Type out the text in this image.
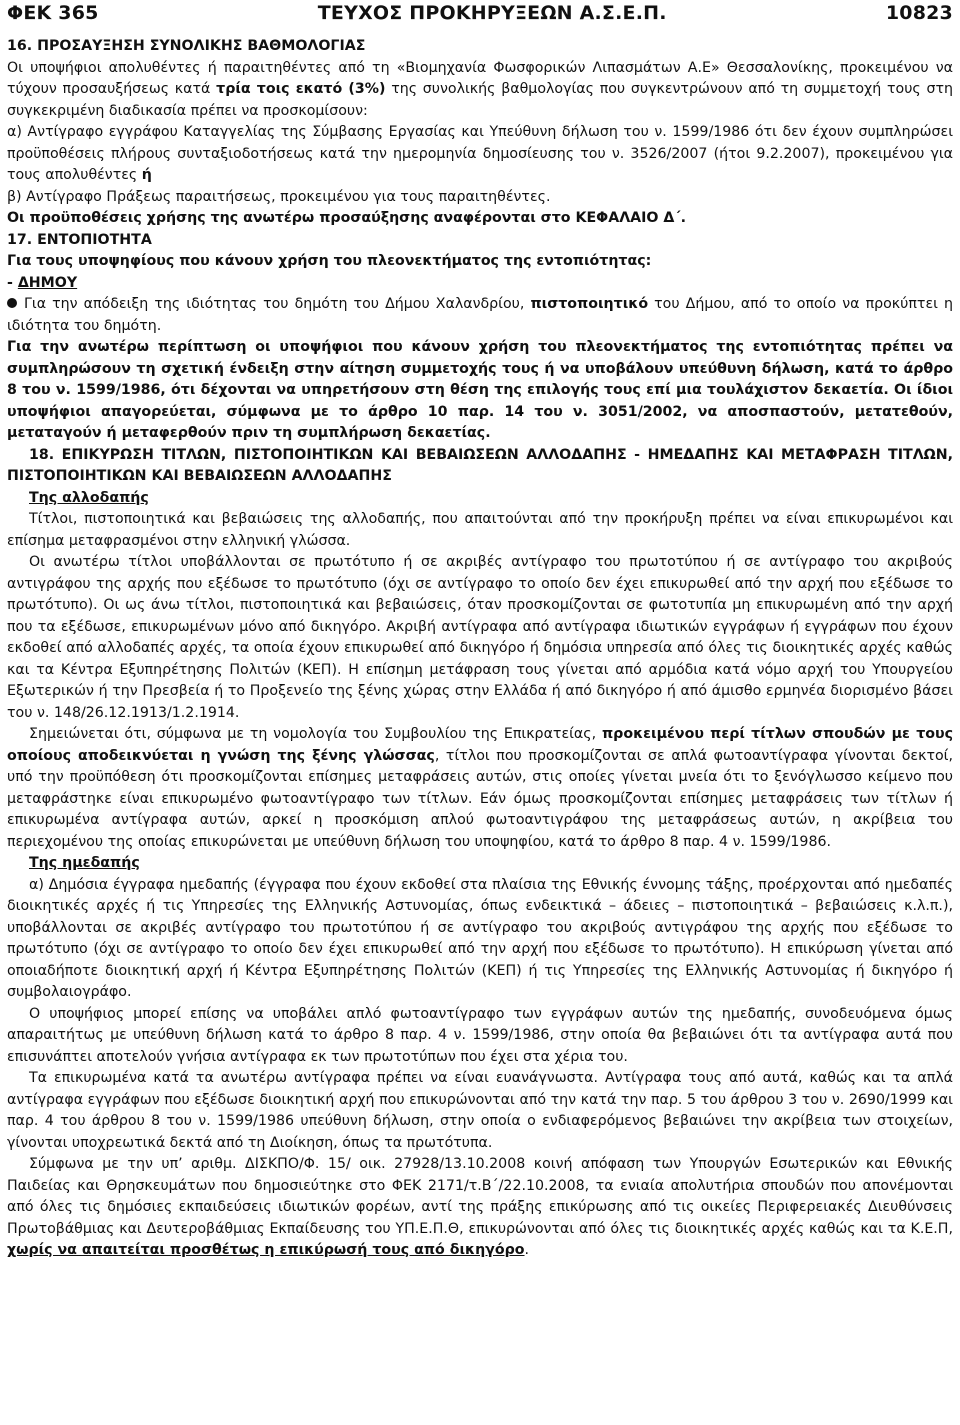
ΦΕΚ 365	ΤΕΥΧΟΣ ΠΡΟΚΗΡΥΞΕΩΝ Α.Σ.Ε.Π.	10823

16. ΠΡΟΣΑΥΞΗΣΗ ΣΥΝΟΛΙΚΗΣ ΒΑΘΜΟΛΟΓΙΑΣ

Οι υποψήφιοι απολυθέντες ή παραιτηθέντες από τη «Βιομηχανία Φωσφορικών Λιπασμάτων Α.Ε» Θεσσαλονίκης, προκειμένου να τύχουν προσαυξήσεως κατά τρία τοις εκατό (3%) της συνολικής βαθμολογίας που συγκεντρώνουν από τη συμμετοχή τους στη συγκεκριμένη διαδικασία πρέπει να προσκομίσουν:

α) Αντίγραφο εγγράφου Καταγγελίας της Σύμβασης Εργασίας και Υπεύθυνη δήλωση του ν. 1599/1986 ότι δεν έχουν συμπληρώσει προϋποθέσεις πλήρους συνταξιοδοτήσεως κατά την ημερομηνία δημοσίευσης του ν. 3526/2007 (ήτοι 9.2.2007), προκειμένου για τους απολυθέντες ή

β) Αντίγραφο Πράξεως παραιτήσεως, προκειμένου για τους παραιτηθέντες.

Οι προϋποθέσεις χρήσης της ανωτέρω προσαύξησης αναφέρονται στο ΚΕΦΑΛΑΙΟ Δ΄.

17. ΕΝΤΟΠΙΟΤΗΤΑ

Για τους υποψηφίους που κάνουν χρήση του πλεονεκτήματος της εντοπιότητας:

- ΔΗΜΟΥ

Για την απόδειξη της ιδιότητας του δημότη του Δήμου Χαλανδρίου, πιστοποιητικό του Δήμου, από το οποίο να προκύπτει η ιδιότητα του δημότη.

Για την ανωτέρω περίπτωση οι υποψήφιοι που κάνουν χρήση του πλεονεκτήματος της εντοπιότητας πρέπει να συμπληρώσουν τη σχετική ένδειξη στην αίτηση συμμετοχής τους ή να υποβάλουν υπεύθυνη δήλωση, κατά το άρθρο 8 του ν. 1599/1986, ότι δέχονται να υπηρετήσουν στη θέση της επιλογής τους επί μια τουλάχιστον δεκαετία. Οι ίδιοι υποψήφιοι απαγορεύεται, σύμφωνα με το άρθρο 10 παρ. 14 του ν. 3051/2002, να αποσπαστούν, μετατεθούν, μεταταγούν ή μεταφερθούν πριν τη συμπλήρωση δεκαετίας.

18. ΕΠΙΚΥΡΩΣΗ ΤΙΤΛΩΝ, ΠΙΣΤΟΠΟΙΗΤΙΚΩΝ ΚΑΙ ΒΕΒΑΙΩΣΕΩΝ ΑΛΛΟΔΑΠΗΣ - ΗΜΕΔΑΠΗΣ ΚΑΙ ΜΕΤΑΦΡΑΣΗ ΤΙΤΛΩΝ, ΠΙΣΤΟΠΟΙΗΤΙΚΩΝ ΚΑΙ ΒΕΒΑΙΩΣΕΩΝ ΑΛΛΟΔΑΠΗΣ

Της αλλοδαπής

Τίτλοι, πιστοποιητικά και βεβαιώσεις της αλλοδαπής, που απαιτούνται από την προκήρυξη πρέπει να είναι επικυρωμένοι και επίσημα μεταφρασμένοι στην ελληνική γλώσσα.

Οι ανωτέρω τίτλοι υποβάλλονται σε πρωτότυπο ή σε ακριβές αντίγραφο του πρωτοτύπου ή σε αντίγραφο του ακριβούς αντιγράφου της αρχής που εξέδωσε το πρωτότυπο (όχι σε αντίγραφο το οποίο δεν έχει επικυρωθεί από την αρχή που εξέδωσε το πρωτότυπο). Οι ως άνω τίτλοι, πιστοποιητικά και βεβαιώσεις, όταν προσκομίζονται σε φωτοτυπία μη επικυρωμένη από την αρχή που τα εξέδωσε, επικυρωμένων μόνο από δικηγόρο. Ακριβή αντίγραφα από αντίγραφα ιδιωτικών εγγράφων ή εγγράφων που έχουν εκδοθεί από αλλοδαπές αρχές, τα οποία έχουν επικυρωθεί από δικηγόρο ή δημόσια υπηρεσία από όλες τις διοικητικές αρχές καθώς και τα Κέντρα Εξυπηρέτησης Πολιτών (ΚΕΠ). Η επίσημη μετάφραση τους γίνεται από αρμόδια κατά νόμο αρχή του Υπουργείου Εξωτερικών ή την Πρεσβεία ή το Προξενείο της ξένης χώρας στην Ελλάδα ή από δικηγόρο ή από άμισθο ερμηνέα διορισμένο βάσει του ν. 148/26.12.1913/1.2.1914.

Σημειώνεται ότι, σύμφωνα με τη νομολογία του Συμβουλίου της Επικρατείας, προκειμένου περί τίτλων σπουδών με τους οποίους αποδεικνύεται η γνώση της ξένης γλώσσας, τίτλοι που προσκομίζονται σε απλά φωτοαντίγραφα γίνονται δεκτοί, υπό την προϋπόθεση ότι προσκομίζονται επίσημες μεταφράσεις αυτών, στις οποίες γίνεται μνεία ότι το ξενόγλωσσο κείμενο που μεταφράστηκε είναι επικυρωμένο φωτοαντίγραφο των τίτλων. Εάν όμως προσκομίζονται επίσημες μεταφράσεις των τίτλων ή επικυρωμένα αντίγραφα αυτών, αρκεί η προσκόμιση απλού φωτοαντιγράφου της μεταφράσεως αυτών, η ακρίβεια του περιεχομένου της οποίας επικυρώνεται με υπεύθυνη δήλωση του υποψηφίου, κατά το άρθρο 8 παρ. 4 ν. 1599/1986.

Της ημεδαπής

α) Δημόσια έγγραφα ημεδαπής (έγγραφα που έχουν εκδοθεί στα πλαίσια της Εθνικής έννομης τάξης, προέρχονται από ημεδαπές διοικητικές αρχές ή τις Υπηρεσίες της Ελληνικής Αστυνομίας, όπως ενδεικτικά – άδειες – πιστοποιητικά – βεβαιώσεις κ.λ.π.), υποβάλλονται σε ακριβές αντίγραφο του πρωτοτύπου ή σε αντίγραφο του ακριβούς αντιγράφου της αρχής που εξέδωσε το πρωτότυπο (όχι σε αντίγραφο το οποίο δεν έχει επικυρωθεί από την αρχή που εξέδωσε το πρωτότυπο). Η επικύρωση γίνεται από οποιαδήποτε διοικητική αρχή ή Κέντρα Εξυπηρέτησης Πολιτών (ΚΕΠ) ή τις Υπηρεσίες της Ελληνικής Αστυνομίας ή δικηγόρο ή συμβολαιογράφο.

Ο υποψήφιος μπορεί επίσης να υποβάλει απλό φωτοαντίγραφο των εγγράφων αυτών της ημεδαπής, συνοδευόμενα όμως απαραιτήτως με υπεύθυνη δήλωση κατά το άρθρο 8 παρ. 4 ν. 1599/1986, στην οποία θα βεβαιώνει ότι τα αντίγραφα αυτά που επισυνάπτει αποτελούν γνήσια αντίγραφα εκ των πρωτοτύπων που έχει στα χέρια του.

Τα επικυρωμένα κατά τα ανωτέρω αντίγραφα πρέπει να είναι ευανάγνωστα. Αντίγραφα τους από αυτά, καθώς και τα απλά αντίγραφα εγγράφων που εξέδωσε διοικητική αρχή που επικυρώνονται από την κατά την παρ. 5 του άρθρου 3 του ν. 2690/1999 και παρ. 4 του άρθρου 8 του ν. 1599/1986 υπεύθυνη δήλωση, στην οποία ο ενδιαφερόμενος βεβαιώνει την ακρίβεια των στοιχείων, γίνονται υποχρεωτικά δεκτά από τη Διοίκηση, όπως τα πρωτότυπα.

Σύμφωνα με την υπ’ αριθμ. ΔΙΣΚΠΟ/Φ. 15/ οικ. 27928/13.10.2008 κοινή απόφαση των Υπουργών Εσωτερικών και Εθνικής Παιδείας και Θρησκευμάτων που δημοσιεύτηκε στο ΦΕΚ 2171/τ.Β΄/22.10.2008, τα ενιαία απολυτήρια σπουδών που απονέμονται από όλες τις δημόσιες εκπαιδεύσεις ιδιωτικών φορέων, αντί της πράξης επικύρωσης από τις οικείες Περιφερειακές Διευθύνσεις Πρωτοβάθμιας και Δευτεροβάθμιας Εκπαίδευσης του ΥΠ.Ε.Π.Θ, επικυρώνονται από όλες τις διοικητικές αρχές καθώς και τα Κ.Ε.Π, χωρίς να απαιτείται προσθέτως η επικύρωσή τους από δικηγόρο.
